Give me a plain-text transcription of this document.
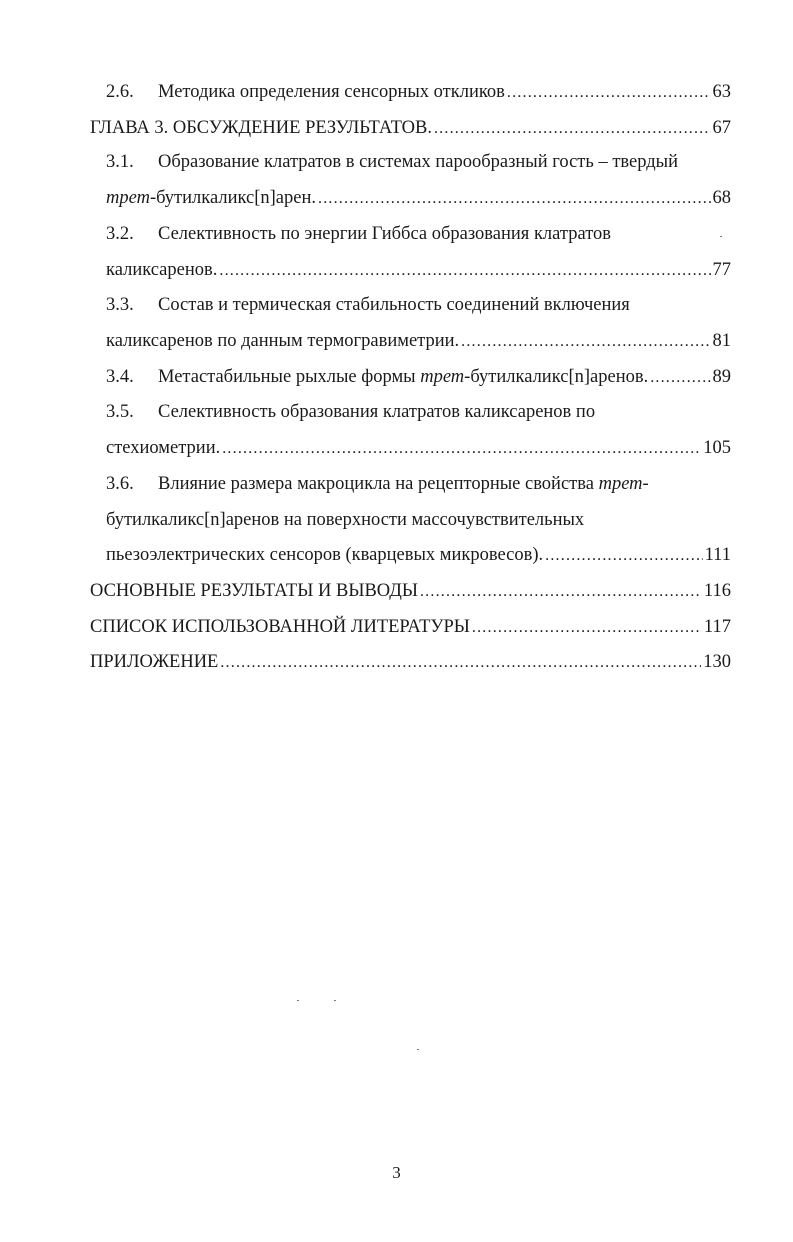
2.6. Методика определения сенсорных откликов .....	63
ГЛАВА 3. ОБСУЖДЕНИЕ РЕЗУЛЬТАТОВ. .....	67
3.1. Образование клатратов в системах парообразный гость – твердый
трет-бутилкаликс[n]арен. .....	68
3.2. Селективность по энергии Гиббса образования клатратов
каликсаренов. .....	77
3.3. Состав и термическая стабильность соединений включения
каликсаренов по данным термогравиметрии. .....	81
3.4. Метастабильные рыхлые формы трет-бутилкаликс[n]аренов. .....	89
3.5. Селективность образования клатратов каликсаренов по
стехиометрии. .....	105
3.6. Влияние размера макроцикла на рецепторные свойства трет-
бутилкаликс[n]аренов на поверхности массочувствительных
пьезоэлектрических сенсоров (кварцевых микровесов). .....	111
ОСНОВНЫЕ РЕЗУЛЬТАТЫ И ВЫВОДЫ .....	116
СПИСОК ИСПОЛЬЗОВАННОЙ ЛИТЕРАТУРЫ .....	117
ПРИЛОЖЕНИЕ .....	130
3
